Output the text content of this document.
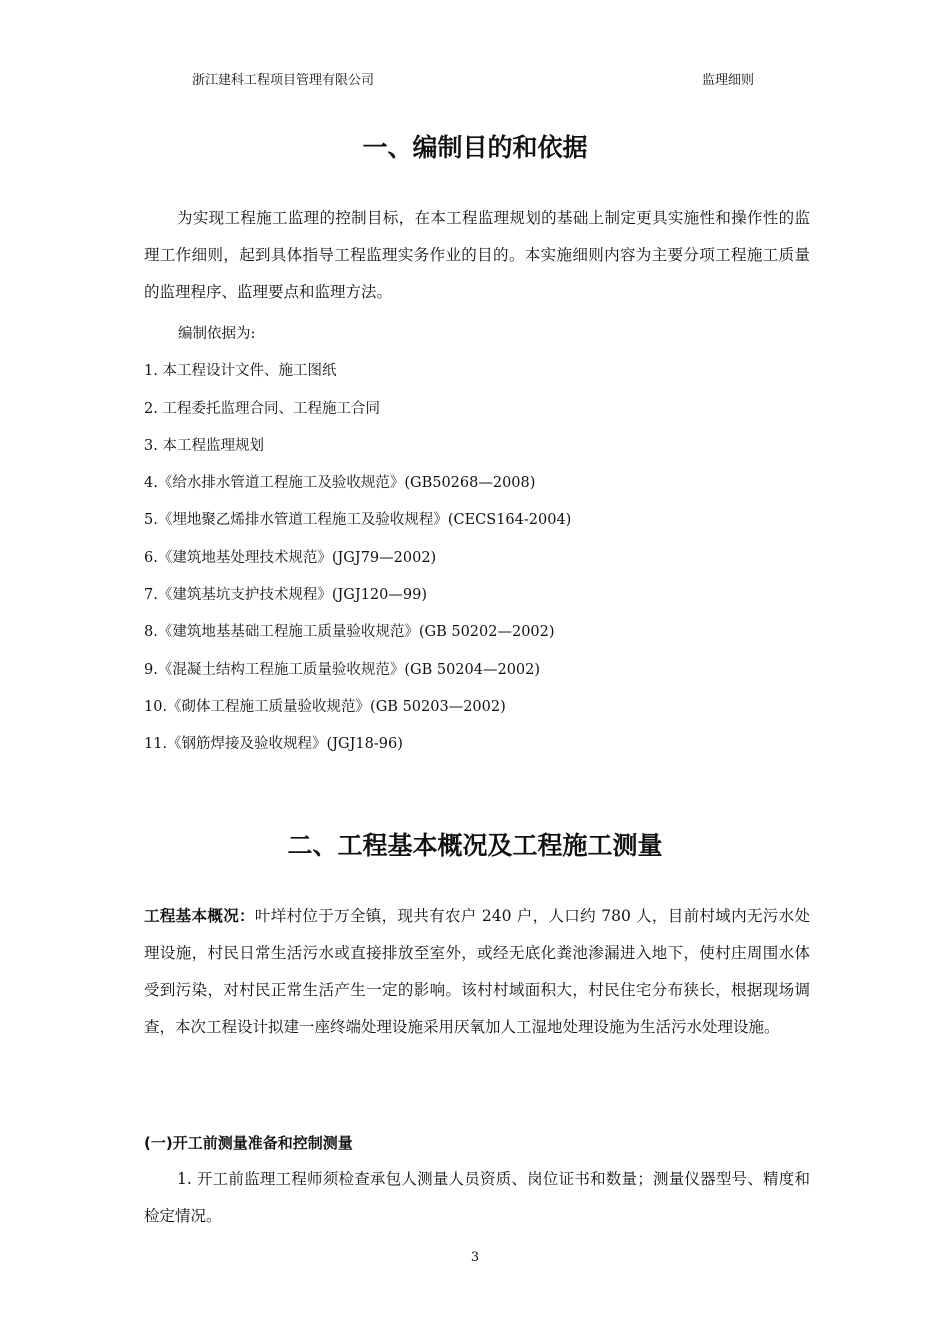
浙江建科工程项目管理有限公司	监理细则
一、编制目的和依据
为实现工程施工监理的控制目标，在本工程监理规划的基础上制定更具实施性和操作性的监理工作细则，起到具体指导工程监理实务作业的目的。本实施细则内容为主要分项工程施工质量的监理程序、监理要点和监理方法。
编制依据为:
1. 本工程设计文件、施工图纸
2. 工程委托监理合同、工程施工合同
3. 本工程监理规划
4.《给水排水管道工程施工及验收规范》(GB50268—2008)
5.《埋地聚乙烯排水管道工程施工及验收规程》(CECS164-2004)
6.《建筑地基处理技术规范》(JGJ79—2002)
7.《建筑基坑支护技术规程》(JGJ120—99)
8.《建筑地基基础工程施工质量验收规范》(GB 50202—2002)
9.《混凝土结构工程施工质量验收规范》(GB 50204—2002)
10.《砌体工程施工质量验收规范》(GB 50203—2002)
11.《钢筋焊接及验收规程》(JGJ18-96)
二、工程基本概况及工程施工测量
工程基本概况：叶垟村位于万全镇，现共有农户 240 户，人口约 780 人，目前村域内无污水处理设施，村民日常生活污水或直接排放至室外，或经无底化粪池渗漏进入地下，使村庄周围水体受到污染，对村民正常生活产生一定的影响。该村村域面积大，村民住宅分布狭长，根据现场调查，本次工程设计拟建一座终端处理设施采用厌氧加人工湿地处理设施为生活污水处理设施。
(一)开工前测量准备和控制测量
1. 开工前监理工程师须检查承包人测量人员资质、岗位证书和数量；测量仪器型号、精度和检定情况。
3
